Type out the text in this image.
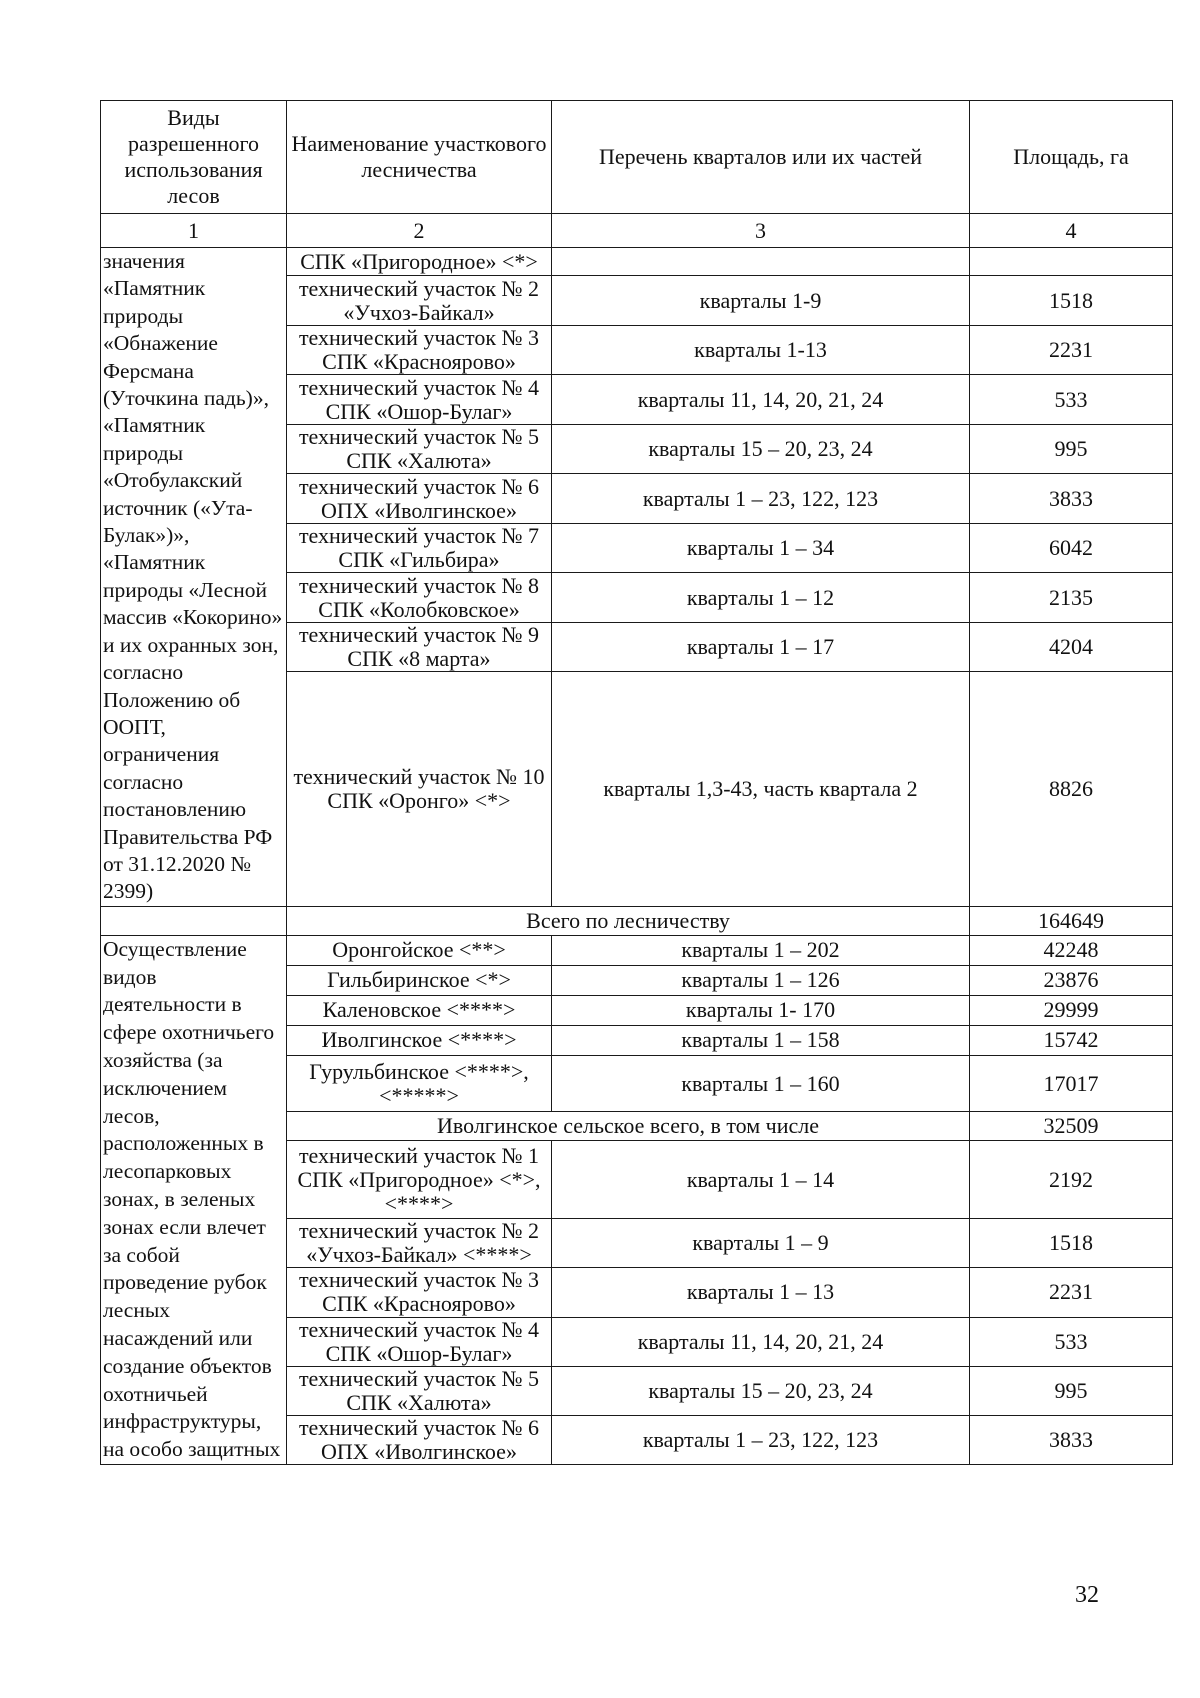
Виды разрешенного использования лесов	Наименование участкового лесничества	Перечень кварталов или их частей	Площадь, га
1	2	3	4
значения «Памятник природы «Обнажение Ферсмана (Уточкина падь)», «Памятник природы «Отобулакский источник («Ута-Булак»)», «Памятник природы «Лесной массив «Кокорино» и их охранных зон, согласно Положению об ООПТ, ограничения согласно постановлению Правительства РФ от 31.12.2020 № 2399)	СПК «Пригородное» <*>		
	технический участок № 2 «Учхоз-Байкал»	кварталы 1-9	1518
	технический участок № 3 СПК «Красноярово»	кварталы 1-13	2231
	технический участок № 4 СПК «Ошор-Булаг»	кварталы 11, 14, 20, 21, 24	533
	технический участок № 5 СПК «Халюта»	кварталы 15 – 20, 23, 24	995
	технический участок № 6 ОПХ «Иволгинское»	кварталы 1 – 23, 122, 123	3833
	технический участок № 7 СПК «Гильбира»	кварталы 1 – 34	6042
	технический участок № 8 СПК «Колобковское»	кварталы 1 – 12	2135
	технический участок № 9 СПК «8 марта»	кварталы 1 – 17	4204
	технический участок № 10 СПК «Оронго» <*>	кварталы 1,3-43, часть квартала 2	8826
	Всего по лесничеству		164649
Осуществление видов деятельности в сфере охотничьего хозяйства (за исключением лесов, расположенных в лесопарковых зонах, в зеленых зонах если влечет за собой проведение рубок лесных насаждений или создание объектов охотничьей инфраструктуры, на особо защитных	Оронгойское <**>	кварталы 1 – 202	42248
	Гильбиринское <*>	кварталы 1 – 126	23876
	Каленовское <****>	кварталы 1- 170	29999
	Иволгинское <****>	кварталы 1 – 158	15742
	Гурульбинское <****>, <*****>	кварталы 1 – 160	17017
	Иволгинское сельское всего, в том числе		32509
	технический участок № 1 СПК «Пригородное» <*>, <****>	кварталы 1 – 14	2192
	технический участок № 2 «Учхоз-Байкал» <****>	кварталы 1 – 9	1518
	технический участок № 3 СПК «Красноярово»	кварталы 1 – 13	2231
	технический участок № 4 СПК «Ошор-Булаг»	кварталы 11, 14, 20, 21, 24	533
	технический участок № 5 СПК «Халюта»	кварталы 15 – 20, 23, 24	995
	технический участок № 6 ОПХ «Иволгинское»	кварталы 1 – 23, 122, 123	3833
32
